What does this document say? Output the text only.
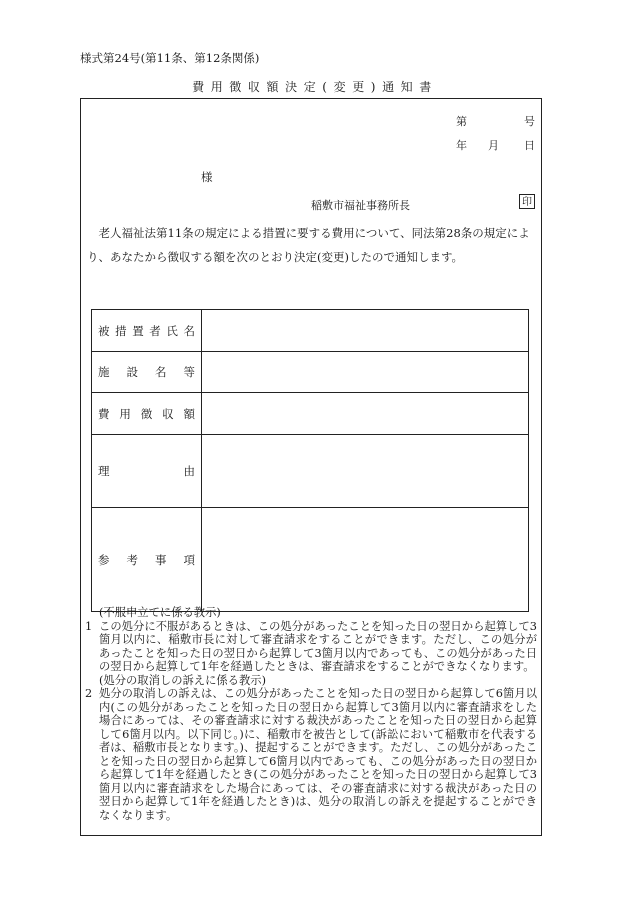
様式第24号(第11条、第12条関係)
費用徴収額決定(変更)通知書
第	号
年 月 日
様
稲敷市福祉事務所長	印
老人福祉法第11条の規定による措置に要する費用について、同法第28条の規定により、あなたから徴収する額を次のとおり決定(変更)したので通知します。
被措置者氏名	
施設名等	
費用徴収額	
理由	
参考事項	
(不服申立てに係る教示)
1 この処分に不服があるときは、この処分があったことを知った日の翌日から起算して3箇月以内に、稲敷市長に対して審査請求をすることができます。ただし、この処分があったことを知った日の翌日から起算して3箇月以内であっても、この処分があった日の翌日から起算して1年を経過したときは、審査請求をすることができなくなります。
(処分の取消しの訴えに係る教示)
2 処分の取消しの訴えは、この処分があったことを知った日の翌日から起算して6箇月以内(この処分があったことを知った日の翌日から起算して3箇月以内に審査請求をした場合にあっては、その審査請求に対する裁決があったことを知った日の翌日から起算して6箇月以内。以下同じ。)に、稲敷市を被告として(訴訟において稲敷市を代表する者は、稲敷市長となります。)、提起することができます。ただし、この処分があったことを知った日の翌日から起算して6箇月以内であっても、この処分があった日の翌日から起算して1年を経過したとき(この処分があったことを知った日の翌日から起算して3箇月以内に審査請求をした場合にあっては、その審査請求に対する裁決があった日の翌日から起算して1年を経過したとき)は、処分の取消しの訴えを提起することができなくなります。
